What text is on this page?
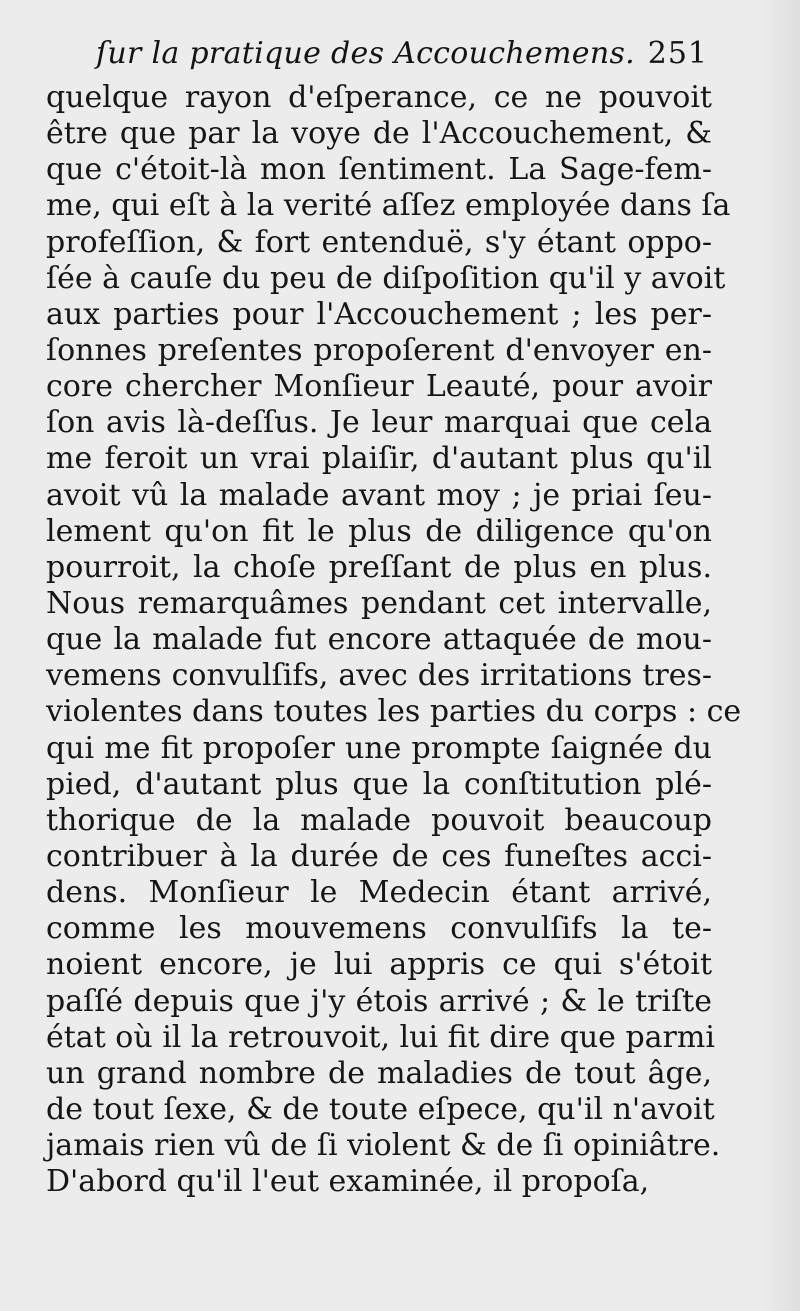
ſur la pratique des Accouchemens. 251
quelque rayon d'eſperance, ce ne pouvoit
être que par la voye de l'Accouchement, &
que c'étoit-là mon ſentiment. La Sage-fem-
me, qui eſt à la verité aſſez employée dans ſa
profeſſion, & fort entenduë, s'y étant oppo-
ſée à cauſe du peu de diſpoſition qu'il y avoit
aux parties pour l'Accouchement ; les per-
ſonnes preſentes propoſerent d'envoyer en-
core chercher Monſieur Leauté, pour avoir
ſon avis là-deſſus. Je leur marquai que cela
me feroit un vrai plaiſir, d'autant plus qu'il
avoit vû la malade avant moy ; je priai ſeu-
lement qu'on fit le plus de diligence qu'on
pourroit, la choſe preſſant de plus en plus.
Nous remarquâmes pendant cet intervalle,
que la malade fut encore attaquée de mou-
vemens convulſifs, avec des irritations tres-
violentes dans toutes les parties du corps : ce
qui me fit propoſer une prompte ſaignée du
pied, d'autant plus que la conſtitution plé-
thorique de la malade pouvoit beaucoup
contribuer à la durée de ces funeſtes acci-
dens. Monſieur le Medecin étant arrivé,
comme les mouvemens convulſifs la te-
noient encore, je lui appris ce qui s'étoit
paſſé depuis que j'y étois arrivé ; & le triſte
état où il la retrouvoit, lui fit dire que parmi
un grand nombre de maladies de tout âge,
de tout ſexe, & de toute eſpece, qu'il n'avoit
jamais rien vû de ſi violent & de ſi opiniâtre.
D'abord qu'il l'eut examinée, il propoſa,
